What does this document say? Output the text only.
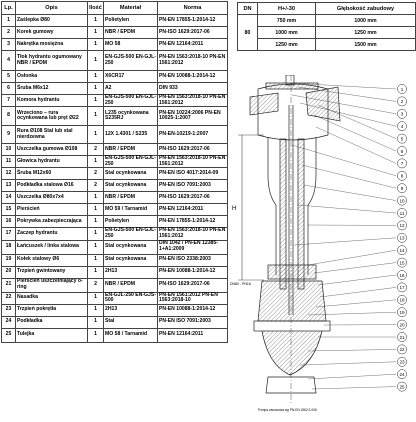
Lp.	Opis	Ilość	Materiał	Norma
1	Zaślepka Ø80	1	Polietylen	PN-EN 17855-1:2014-12
2	Korek gumowy	1	NBR / EPDM	PN-ISO 1629:2017-06
3	Nakrętka mosiężna	1	MO 58	PN-EN 12164:2011
4	Tłok hydrantu ogumowany NBR / EPDM	1	EN-GJS-500 EN-GJL-250	PN-EN 1563:2018-10 PN-EN 1561:2012
5	Osłonka	1	X6CR17	PN-EN 10088-1:2014-12
6	Śruba M6x12	1	A2	DIN 933
7	Komora hydrantu	1	EN-GJS-500 EN-GJL-250	PN-EN 1563:2018-10 PN-EN 1561:2012
8	Wrzeciono – rura ocynkowana lub pręt Ø22	1	L235 ocynkowana S235RJ	PN-EN 10224:2006 PN-EN 10025-1:2007
9	Rura Ø108 Stal lub stal nierdzewna	1	12X 1.4301 / S235	PN-EN-10219-1:2007
10	Uszczelka gumowa Ø108	2	NBR / EPDM	PN-ISO 1629:2017-06
11	Głowica hydrantu	1	EN-GJS-500 EN-GJL-250	PN-EN 1563:2018-10 PN-EN 1561:2012
12	Śruba M12x60	2	Stal ocynkowana	PN-EN ISO 4017:2014-09
13	Podkładka stalowa Ø16	2	Stal ocynkowana	PN-EN ISO 7091:2003
14	Uszczelka Ø80x7x4	1	NBR / EPDM	PN-ISO 1629:2017-06
15	Pierścień	1	MO 59 / Tarnamid	PN-EN 12164:2011
16	Pokrywka zabezpieczająca	1	Polietylen	PN-EN 17855-1:2014-12
17	Zaczep hydrantu	1	EN-GJS-500 EN-GJL-250	PN-EN 1563:2018-10 PN-EN 1561:2012
18	Łańcuszek / linka stalowa	1	Stal ocynkowana	DIN 1042 / PN-EN 12385-1+A1:2009
19	Kołek stalowy Ø6	1	Stal ocynkowana	PN-EN ISO 2338:2003
20	Trzpień gwintowany	1	2H13	PN-EN 10088-1:2014-12
21	Pierścień uszczelniający o-ring	2	NBR / EPDM	PN-ISO 1629:2017-06
22	Nasadka	1	EN-GJL-250 EN-GJS-500	PN-EN 1561:2012 PN-EN 1563:2018-10
23	Trzpień pokrętła	1	2H13	PN-EN 10088-1:2014-12
24	Podkładka	1	Stal	PN-EN ISO 7091:2003
25	Tulejka	1	MO 58 / Tarnamid	PN-EN 12164:2011
DN	H+/-30	Głębokość zabudowy
80	750 mm	1000 mm
	1000 mm	1250 mm
	1250 mm	1500 mm
H
DN80 - PN16
1
2
3
4
5
6
7
8
9
10
11
12
13
14
15
16
17
18
19
20
21
22
23
24
25
Pompa zasuwowa wg PN-EN 1562:2-006
